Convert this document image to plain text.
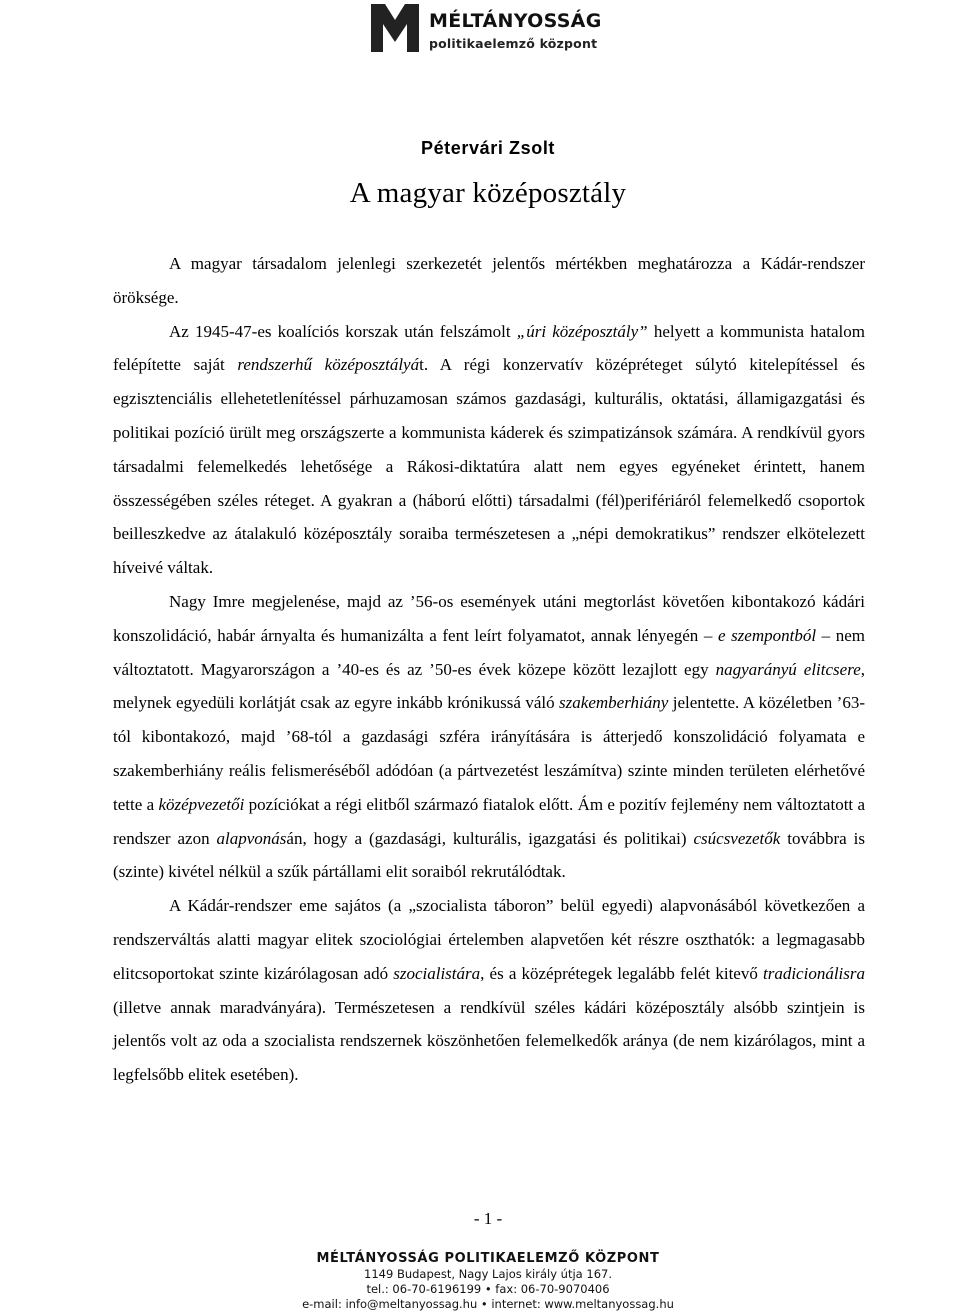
MÉLTÁNYOSSÁG
politikaelemző központ
Pétervári Zsolt
A magyar középosztály

A magyar társadalom jelenlegi szerkezetét jelentős mértékben meghatározza a Kádár-rendszer öröksége.

Az 1945-47-es koalíciós korszak után felszámolt „úri középosztály” helyett a kommunista hatalom felépítette saját rendszerhű középosztályát. A régi konzervatív középréteget súlytó kitelepítéssel és egzisztenciális ellehetetlenítéssel párhuzamosan számos gazdasági, kulturális, oktatási, államigazgatási és politikai pozíció ürült meg országszerte a kommunista káderek és szimpatizánsok számára. A rendkívül gyors társadalmi felemelkedés lehetősége a Rákosi-diktatúra alatt nem egyes egyéneket érintett, hanem összességében széles réteget. A gyakran a (háború előtti) társadalmi (fél)perifériáról felemelkedő csoportok beilleszkedve az átalakuló középosztály soraiba természetesen a „népi demokratikus” rendszer elkötelezett híveivé váltak.

Nagy Imre megjelenése, majd az ’56-os események utáni megtorlást követően kibontakozó kádári konszolidáció, habár árnyalta és humanizálta a fent leírt folyamatot, annak lényegén – e szempontból – nem változtatott. Magyarországon a ’40-es és az ’50-es évek közepe között lezajlott egy nagyarányú elitcsere, melynek egyedüli korlátját csak az egyre inkább krónikussá váló szakemberhiány jelentette. A közéletben ’63-tól kibontakozó, majd ’68-tól a gazdasági szféra irányítására is átterjedő konszolidáció folyamata e szakemberhiány reális felismeréséből adódóan (a pártvezetést leszámítva) szinte minden területen elérhetővé tette a középvezetői pozíciókat a régi elitből származó fiatalok előtt. Ám e pozitív fejlemény nem változtatott a rendszer azon alapvonásán, hogy a (gazdasági, kulturális, igazgatási és politikai) csúcsvezetők továbbra is (szinte) kivétel nélkül a szűk pártállami elit soraiból rekrutálódtak.

A Kádár-rendszer eme sajátos (a „szocialista táboron” belül egyedi) alapvonásából következően a rendszerváltás alatti magyar elitek szociológiai értelemben alapvetően két részre oszthatók: a legmagasabb elitcsoportokat szinte kizárólagosan adó szocialistára, és a középrétegek legalább felét kitevő tradicionálisra (illetve annak maradványára). Természetesen a rendkívül széles kádári középosztály alsóbb szintjein is jelentős volt az oda a szocialista rendszernek köszönhetően felemelkedők aránya (de nem kizárólagos, mint a legfelsőbb elitek esetében).

- 1 -
MÉLTÁNYOSSÁG POLITIKAELEMZŐ KÖZPONT
1149 Budapest, Nagy Lajos király útja 167.
tel.: 06-70-6196199 • fax: 06-70-9070406
e-mail: info@meltanyossag.hu • internet: www.meltanyossag.hu
